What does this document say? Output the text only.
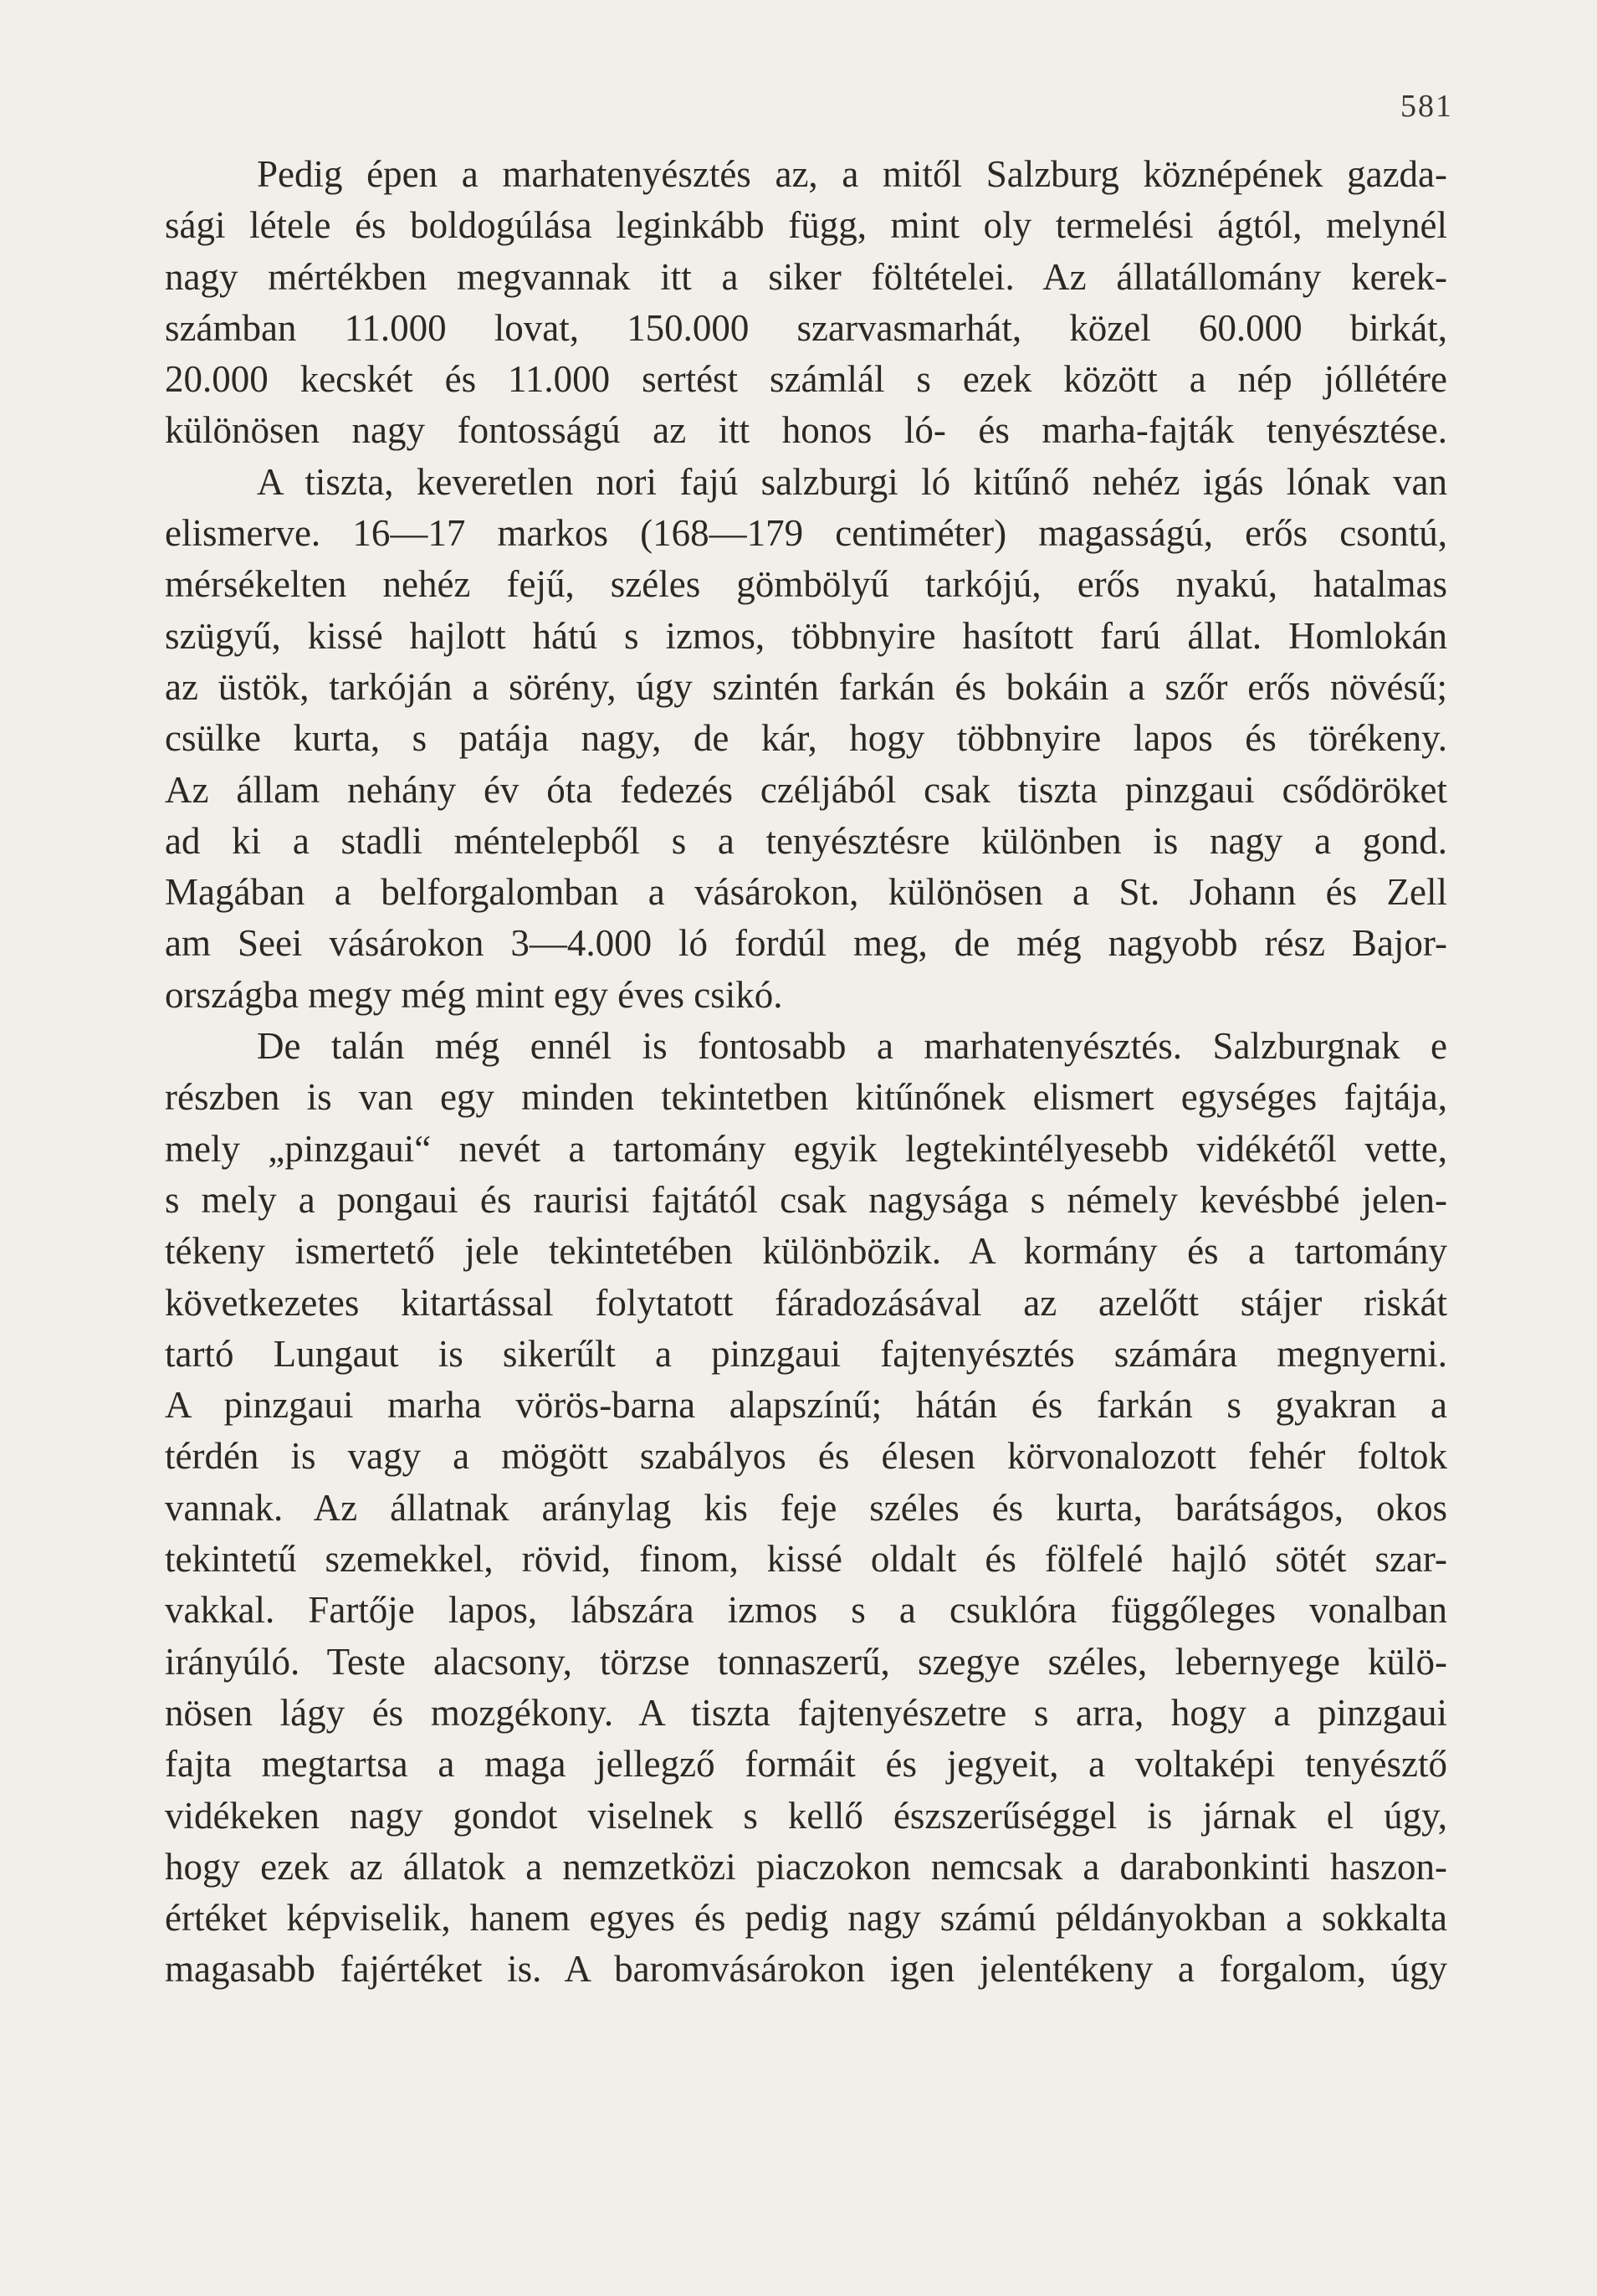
581
Pedig épen a marhatenyésztés az, a mitől Salzburg köznépének gazda-
sági létele és boldogúlása leginkább függ, mint oly termelési ágtól, melynél
nagy mértékben megvannak itt a siker föltételei. Az állatállomány kerek-
számban 11.000 lovat, 150.000 szarvasmarhát, közel 60.000 birkát,
20.000 kecskét és 11.000 sertést számlál s ezek között a nép jóllétére
különösen nagy fontosságú az itt honos ló- és marha-fajták tenyésztése.
A tiszta, keveretlen nori fajú salzburgi ló kitűnő nehéz igás lónak van
elismerve. 16—17 markos (168—179 centiméter) magasságú, erős csontú,
mérsékelten nehéz fejű, széles gömbölyű tarkójú, erős nyakú, hatalmas
szügyű, kissé hajlott hátú s izmos, többnyire hasított farú állat. Homlokán
az üstök, tarkóján a sörény, úgy szintén farkán és bokáin a szőr erős növésű;
csülke kurta, s patája nagy, de kár, hogy többnyire lapos és törékeny.
Az állam nehány év óta fedezés czéljából csak tiszta pinzgaui csődöröket
ad ki a stadli méntelepből s a tenyésztésre különben is nagy a gond.
Magában a belforgalomban a vásárokon, különösen a St. Johann és Zell
am Seei vásárokon 3—4.000 ló fordúl meg, de még nagyobb rész Bajor-
országba megy még mint egy éves csikó.
De talán még ennél is fontosabb a marhatenyésztés. Salzburgnak e
részben is van egy minden tekintetben kitűnőnek elismert egységes fajtája,
mely „pinzgaui“ nevét a tartomány egyik legtekintélyesebb vidékétől vette,
s mely a pongaui és raurisi fajtától csak nagysága s némely kevésbbé jelen-
tékeny ismertető jele tekintetében különbözik. A kormány és a tartomány
következetes kitartással folytatott fáradozásával az azelőtt stájer riskát
tartó Lungaut is sikerűlt a pinzgaui fajtenyésztés számára megnyerni.
A pinzgaui marha vörös-barna alapszínű; hátán és farkán s gyakran a
térdén is vagy a mögött szabályos és élesen körvonalozott fehér foltok
vannak. Az állatnak aránylag kis feje széles és kurta, barátságos, okos
tekintetű szemekkel, rövid, finom, kissé oldalt és fölfelé hajló sötét szar-
vakkal. Fartője lapos, lábszára izmos s a csuklóra függőleges vonalban
irányúló. Teste alacsony, törzse tonnaszerű, szegye széles, lebernyege külö-
nösen lágy és mozgékony. A tiszta fajtenyészetre s arra, hogy a pinzgaui
fajta megtartsa a maga jellegző formáit és jegyeit, a voltaképi tenyésztő
vidékeken nagy gondot viselnek s kellő észszerűséggel is járnak el úgy,
hogy ezek az állatok a nemzetközi piaczokon nemcsak a darabonkinti haszon-
értéket képviselik, hanem egyes és pedig nagy számú példányokban a sokkalta
magasabb fajértéket is. A baromvásárokon igen jelentékeny a forgalom, úgy
